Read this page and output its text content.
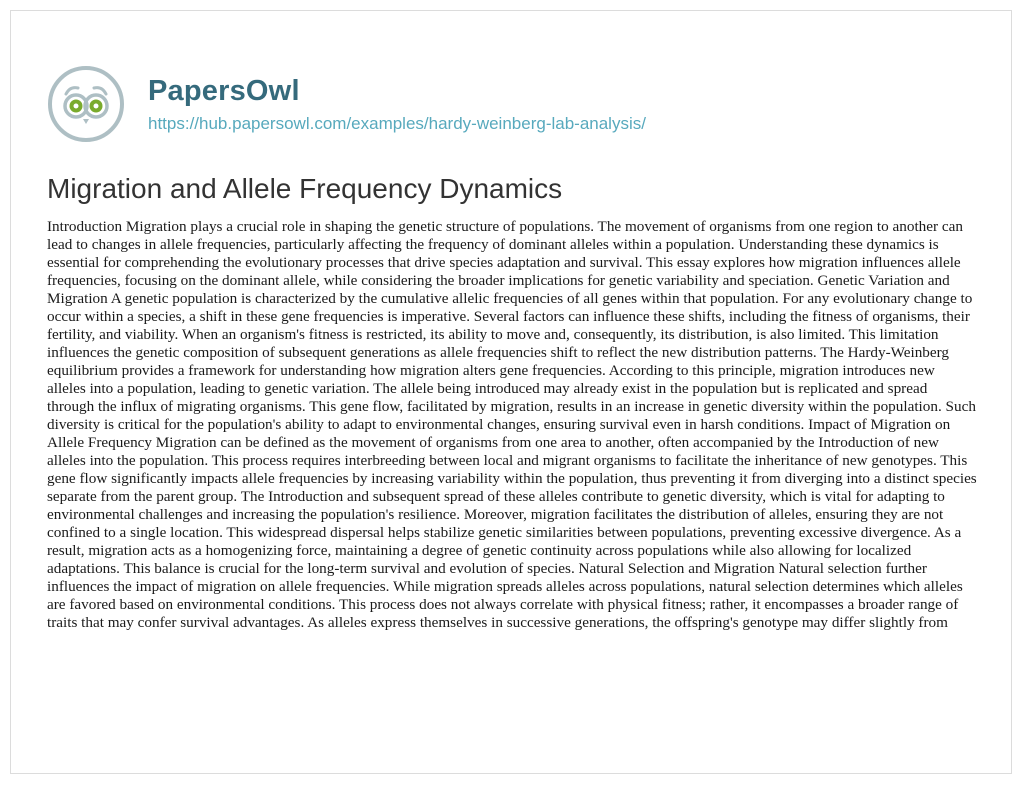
PapersOwl
https://hub.papersowl.com/examples/hardy-weinberg-lab-analysis/
Migration and Allele Frequency Dynamics

Introduction Migration plays a crucial role in shaping the genetic structure of populations. The movement of organisms from one region to another can lead to changes in allele frequencies, particularly affecting the frequency of dominant alleles within a population. Understanding these dynamics is essential for comprehending the evolutionary processes that drive species adaptation and survival. This essay explores how migration influences allele frequencies, focusing on the dominant allele, while considering the broader implications for genetic variability and speciation. Genetic Variation and Migration A genetic population is characterized by the cumulative allelic frequencies of all genes within that population. For any evolutionary change to occur within a species, a shift in these gene frequencies is imperative. Several factors can influence these shifts, including the fitness of organisms, their fertility, and viability. When an organism's fitness is restricted, its ability to move and, consequently, its distribution, is also limited. This limitation influences the genetic composition of subsequent generations as allele frequencies shift to reflect the new distribution patterns. The Hardy-Weinberg equilibrium provides a framework for understanding how migration alters gene frequencies. According to this principle, migration introduces new alleles into a population, leading to genetic variation. The allele being introduced may already exist in the population but is replicated and spread through the influx of migrating organisms. This gene flow, facilitated by migration, results in an increase in genetic diversity within the population. Such diversity is critical for the population's ability to adapt to environmental changes, ensuring survival even in harsh conditions. Impact of Migration on Allele Frequency Migration can be defined as the movement of organisms from one area to another, often accompanied by the Introduction of new alleles into the population. This process requires interbreeding between local and migrant organisms to facilitate the inheritance of new genotypes. This gene flow significantly impacts allele frequencies by increasing variability within the population, thus preventing it from diverging into a distinct species separate from the parent group. The Introduction and subsequent spread of these alleles contribute to genetic diversity, which is vital for adapting to environmental challenges and increasing the population's resilience. Moreover, migration facilitates the distribution of alleles, ensuring they are not confined to a single location. This widespread dispersal helps stabilize genetic similarities between populations, preventing excessive divergence. As a result, migration acts as a homogenizing force, maintaining a degree of genetic continuity across populations while also allowing for localized adaptations. This balance is crucial for the long-term survival and evolution of species. Natural Selection and Migration Natural selection further influences the impact of migration on allele frequencies. While migration spreads alleles across populations, natural selection determines which alleles are favored based on environmental conditions. This process does not always correlate with physical fitness; rather, it encompasses a broader range of traits that may confer survival advantages. As alleles express themselves in successive generations, the offspring's genotype may differ slightly from
